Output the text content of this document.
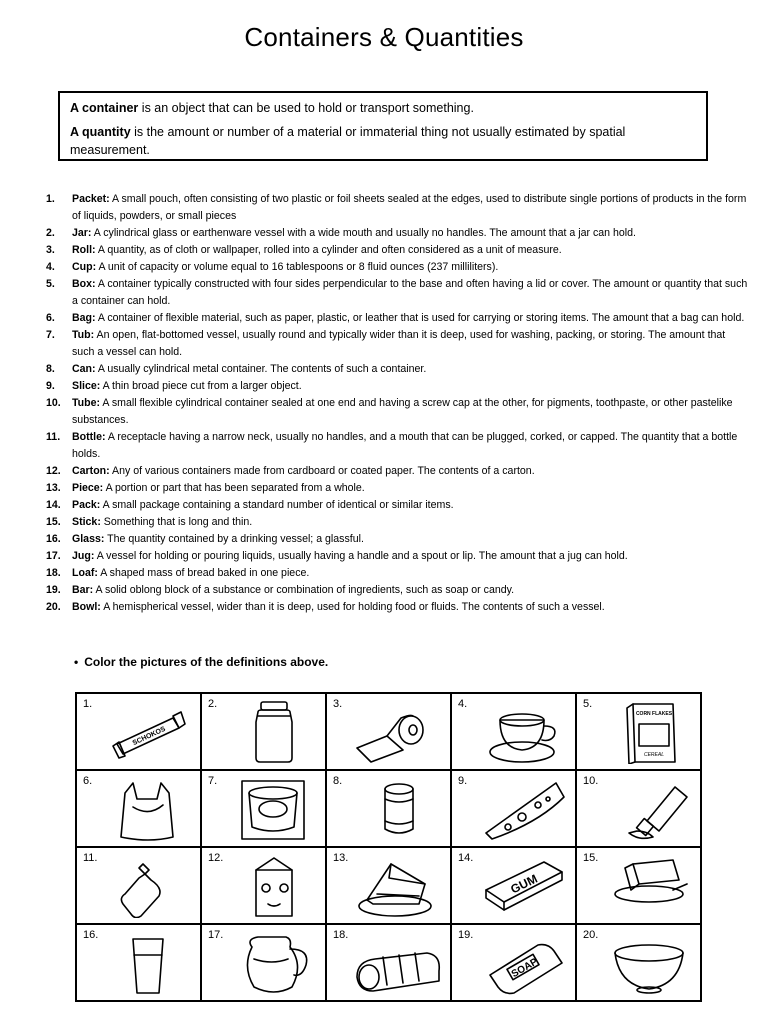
Containers & Quantities

A container is an object that can be used to hold or transport something.

A quantity is the amount or number of a material or immaterial thing not usually estimated by spatial measurement.

1.	Packet: A small pouch, often consisting of two plastic or foil sheets sealed at the edges, used to distribute single portions of products in the form of liquids, powders, or small pieces
2.	Jar: A cylindrical glass or earthenware vessel with a wide mouth and usually no handles. The amount that a jar can hold.
3.	Roll: A quantity, as of cloth or wallpaper, rolled into a cylinder and often considered as a unit of measure.
4.	Cup: A unit of capacity or volume equal to 16 tablespoons or 8 fluid ounces (237 milliliters).
5.	Box: A container typically constructed with four sides perpendicular to the base and often having a lid or cover. The amount or quantity that such a container can hold.
6.	Bag: A container of flexible material, such as paper, plastic, or leather that is used for carrying or storing items. The amount that a bag can hold.
7.	Tub: An open, flat-bottomed vessel, usually round and typically wider than it is deep, used for washing, packing, or storing. The amount that such a vessel can hold.
8.	Can: A usually cylindrical metal container. The contents of such a container.
9.	Slice: A thin broad piece cut from a larger object.
10.	Tube: A small flexible cylindrical container sealed at one end and having a screw cap at the other, for pigments, toothpaste, or other pastelike substances.
11.	Bottle: A receptacle having a narrow neck, usually no handles, and a mouth that can be plugged, corked, or capped. The quantity that a bottle holds.
12.	Carton: Any of various containers made from cardboard or coated paper. The contents of a carton.
13.	Piece: A portion or part that has been separated from a whole.
14.	Pack: A small package containing a standard number of identical or similar items.
15.	Stick: Something that is long and thin.
16.	Glass: The quantity contained by a drinking vessel; a glassful.
17.	Jug: A vessel for holding or pouring liquids, usually having a handle and a spout or lip. The amount that a jug can hold.
18.	Loaf: A shaped mass of bread baked in one piece.
19.	Bar: A solid oblong block of a substance or combination of ingredients, such as soap or candy.
20.	Bowl: A hemispherical vessel, wider than it is deep, used for holding food or fluids. The contents of such a vessel.
• Color the pictures of the definitions above.
1.
SCHOKOS	2.	3.	4.	5.
CORN FLAKES
CEREAL

6.	7.	8.	9.	10.

11.	12.	13.	14.
GUM	15.

16.	17.	18.	19.
SOAP	20.
